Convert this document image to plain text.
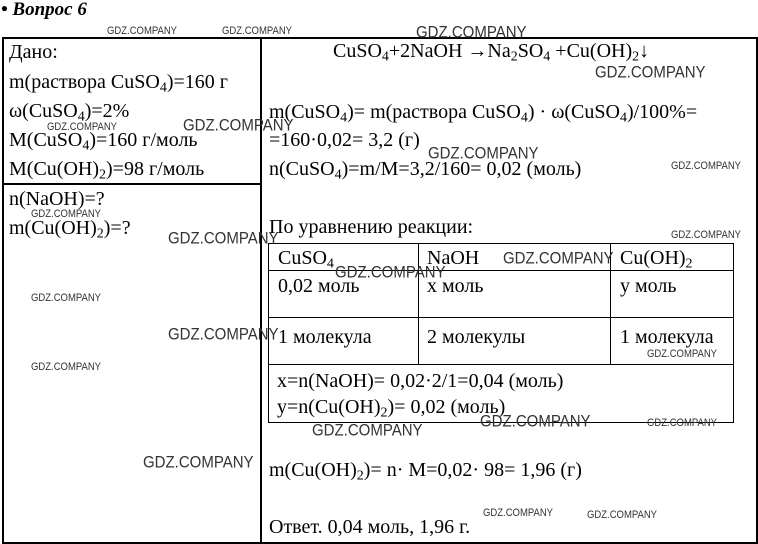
• Вопрос 6
Дано:
m(раствора CuSO$_4$)=160 г
ω(CuSO$_4$)=2%
M(CuSO$_4$)=160 г/моль
$M(Cu(OH)_2)=98$ г/моль
n(NaOH)=?
$m(Cu(OH)_2)=$?
CuSO$_4$+2NaOH $\to Na_2SO_4$ $+Cu(OH)_2↓$
m(CuSO$_4$)= m(раствора CuSO$_4$) · ω(CuSO$_4$)/100%=
=160·0,02= 3,2 (г)
n(CuSO$_4$)=m/M=3,2/160= 0,02 (моль)
По уравнению реакции:
CuSO$_4$	NaOH	$Cu(OH)_2$
0,02 моль	x моль	y моль
1 молекула	2 молекулы	1 молекула
x=n(NaOH)= 0,02·2/1=0,04 (моль)
$y=n(Cu(OH)_2)= 0,02$ (моль)
$m(Cu(OH)_2)= n\cdot M=0,02\cdot 98= 1,96$ (г)
Ответ. 0,04 моль, 1,96 г.
GDZ.COMPANY	GDZ.COMPANY	GDZ.COMPANY
GDZ.COMPANY
GDZ.COMPANY	GDZ.COMPANY
GDZ.COMPANY
GDZ.COMPANY
GDZ.COMPANY
GDZ.COMPANY	GDZ.COMPANY
GDZ.COMPANY
GDZ.COMPANY
GDZ.COMPANY
GDZ.COMPANY
GDZ.COMPANY
GDZ.COMPANY
GDZ.COMPANY
GDZ.COMPANY	GDZ.COMPANY
GDZ.COMPANY
GDZ.COMPANY	GDZ.COMPANY
